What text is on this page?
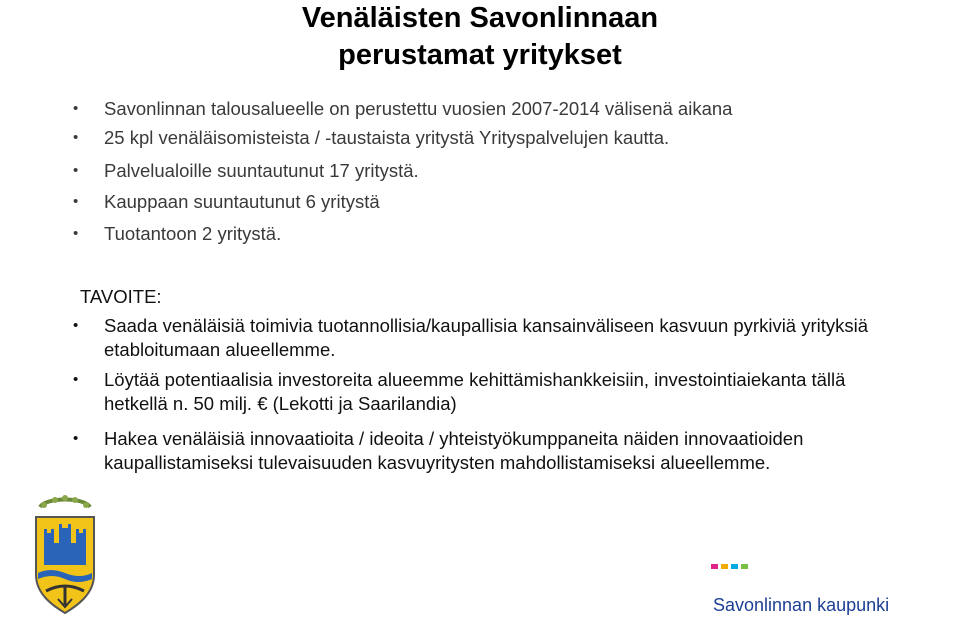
Venäläisten Savonlinnaan
perustamat yritykset
• Savonlinnan talousalueelle on perustettu vuosien 2007-2014 välisenä aikana
• 25 kpl venäläisomisteista / -taustaista yritystä Yrityspalvelujen kautta.
• Palvelualoille suuntautunut 17 yritystä.
• Kauppaan suuntautunut 6 yritystä
• Tuotantoon 2 yritystä.
TAVOITE:
• Saada venäläisiä toimivia tuotannollisia/kaupallisia kansainväliseen kasvuun pyrkiviä yrityksiä etabloitumaan alueellemme.
• Löytää potentiaalisia investoreita alueemme kehittämishankkeisiin, investointiaiekanta tällä hetkellä n. 50 milj. € (Lekotti ja Saarilandia)
• Hakea venäläisiä innovaatioita / ideoita / yhteistyökumppaneita näiden innovaatioiden kaupallistamiseksi tulevaisuuden kasvuyritysten mahdollistamiseksi alueellemme.
Savonlinnan kaupunki
